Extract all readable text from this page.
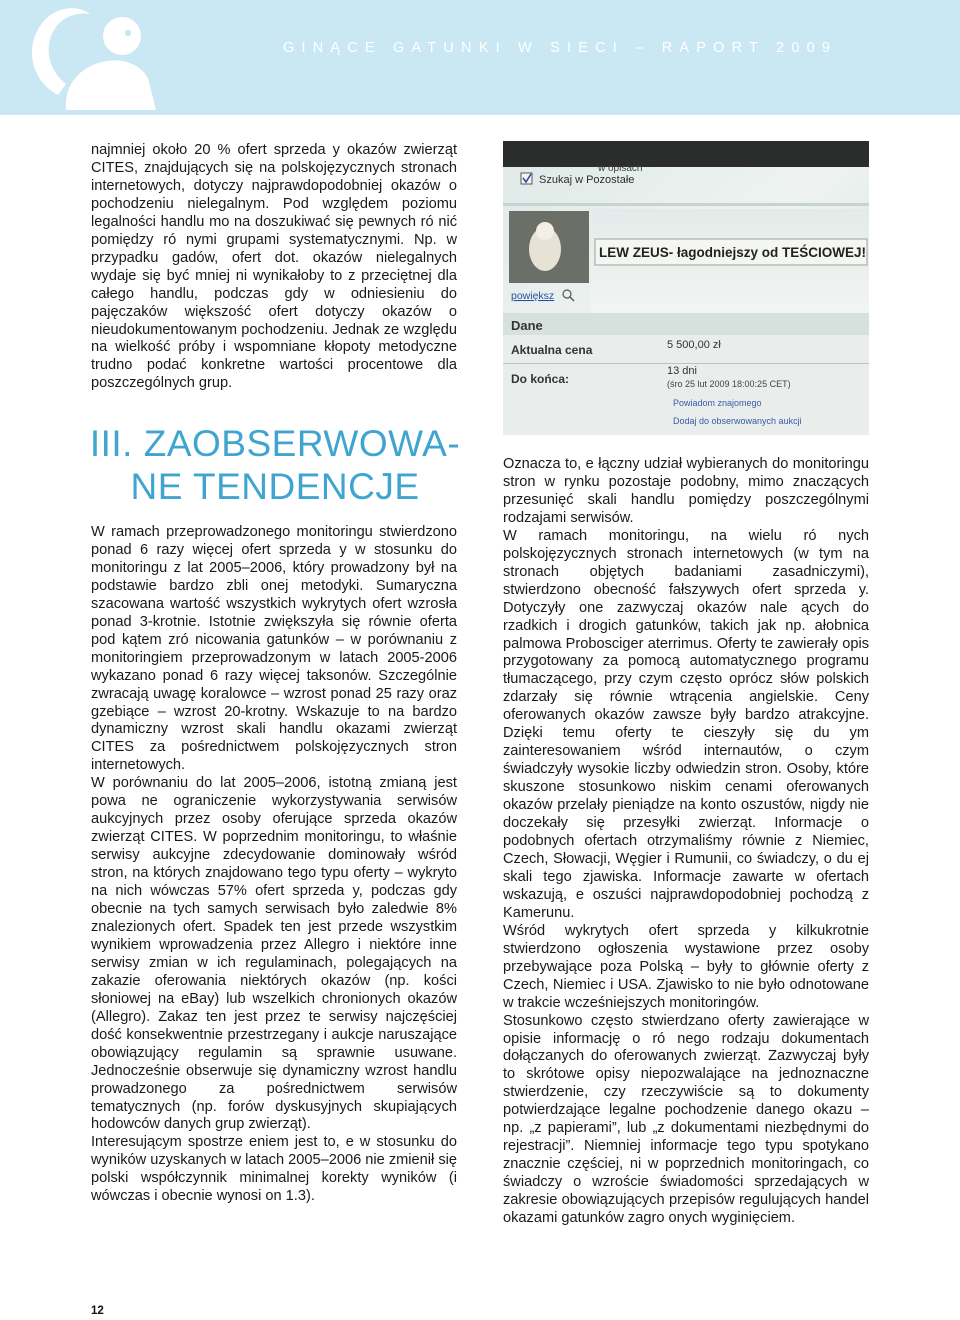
GINĄCE GATUNKI W SIECI – RAPORT 2009

najmniej około 20 % ofert sprzeda y okazów zwierząt CITES, znajdujących się na polskojęzycznych stronach internetowych, dotyczy najprawdopodobniej okazów o pochodzeniu nielegalnym. Pod względem poziomu legalności handlu mo na doszukiwać się pewnych ró nić pomiędzy ró nymi grupami systematycznymi. Np. w przypadku gadów, ofert dot. okazów nielegalnych wydaje się być mniej ni wynikałoby to z przeciętnej dla całego handlu, podczas gdy w odniesieniu do pajęczaków większość ofert dotyczy okazów o nieudokumentowanym pochodzeniu. Jednak ze względu na wielkość próby i wspomniane kłopoty metodyczne trudno podać konkretne wartości procentowe dla poszczególnych grup.

III. ZAOBSERWOWA-
NE TENDENCJE

W ramach przeprowadzonego monitoringu stwierdzono ponad 6 razy więcej ofert sprzeda y w stosunku do monitoringu z lat 2005–2006, który prowadzony był na podstawie bardzo zbli onej metodyki. Sumaryczna szacowana wartość wszystkich wykrytych ofert wzrosła ponad 3-krotnie. Istotnie zwiększyła się równie oferta pod kątem zró nicowania gatunków – w porównaniu z monitoringiem przeprowadzonym w latach 2005-2006 wykazano ponad 6 razy więcej taksonów. Szczególnie zwracają uwagę koralowce – wzrost ponad 25 razy oraz gzebiące – wzrost 20-krotny. Wskazuje to na bardzo dynamiczny wzrost skali handlu okazami zwierząt CITES za pośrednictwem polskojęzycznych stron internetowych.

W porównaniu do lat 2005–2006, istotną zmianą jest powa ne ograniczenie wykorzystywania serwisów aukcyjnych przez osoby oferujące sprzeda okazów zwierząt CITES. W poprzednim monitoringu, to właśnie serwisy aukcyjne zdecydowanie dominowały wśród stron, na których znajdowano tego typu oferty – wykryto na nich wówczas 57% ofert sprzeda y, podczas gdy obecnie na tych samych serwisach było zaledwie 8% znalezionych ofert. Spadek ten jest przede wszystkim wynikiem wprowadzenia przez Allegro i niektóre inne serwisy zmian w ich regulaminach, polegających na zakazie oferowania niektórych okazów (np. kości słoniowej na eBay) lub wszelkich chronionych okazów (Allegro). Zakaz ten jest przez te serwisy najczęściej dość konsekwentnie przestrzegany i aukcje naruszające obowiązujący regulamin są sprawnie usuwane. Jednocześnie obserwuje się dynamiczny wzrost handlu prowadzonego za pośrednictwem serwisów tematycznych (np. forów dyskusyjnych skupiających hodowców danych grup zwierząt).

Interesującym spostrze eniem jest to, e w stosunku do wyników uzyskanych w latach 2005–2006 nie zmienił się polski współczynnik minimalnej korekty wyników (i wówczas i obecnie wynosi on 1.3).

w opisach
Szukaj w Pozostałe
LEW ZEUS- łagodniejszy od TEŚCIOWEJ!
powiększ
Dane
Aktualna cena	5 500,00 zł
Do końca:
13 dni
(śro 25 lut 2009 18:00:25 CET)
Powiadom znajomego
Dodaj do obserwowanych aukcji

Oznacza to, e łączny udział wybieranych do monitoringu stron w rynku pozostaje podobny, mimo znaczących przesunięć skali handlu pomiędzy poszczególnymi rodzajami serwisów.

W ramach monitoringu, na wielu ró nych polskojęzycznych stronach internetowych (w tym na stronach objętych badaniami zasadniczymi), stwierdzono obecność fałszywych ofert sprzeda y. Dotyczyły one zazwyczaj okazów nale ących do rzadkich i drogich gatunków, takich jak np. ałobnica palmowa Probosciger aterrimus. Oferty te zawierały opis przygotowany za pomocą automatycznego programu tłumaczącego, przy czym często oprócz słów polskich zdarzały się równie wtrącenia angielskie. Ceny oferowanych okazów zawsze były bardzo atrakcyjne. Dzięki temu oferty te cieszyły się du ym zainteresowaniem wśród internautów, o czym świadczyły wysokie liczby odwiedzin stron. Osoby, które skuszone stosunkowo niskim cenami oferowanych okazów przelały pieniądze na konto oszustów, nigdy nie doczekały się przesyłki zwierząt. Informacje o podobnych ofertach otrzymaliśmy równie z Niemiec, Czech, Słowacji, Węgier i Rumunii, co świadczy, o du ej skali tego zjawiska. Informacje zawarte w ofertach wskazują, e oszuści najprawdopodobniej pochodzą z Kamerunu.

Wśród wykrytych ofert sprzeda y kilkukrotnie stwierdzono ogłoszenia wystawione przez osoby przebywające poza Polską – były to głównie oferty z Czech, Niemiec i USA. Zjawisko to nie było odnotowane w trakcie wcześniejszych monitoringów.

Stosunkowo często stwierdzano oferty zawierające w opisie informację o ró nego rodzaju dokumentach dołączanych do oferowanych zwierząt. Zazwyczaj były to skrótowe opisy niepozwalające na jednoznaczne stwierdzenie, czy rzeczywiście są to dokumenty potwierdzające legalne pochodzenie danego okazu – np. „z papierami”, lub „z dokumentami niezbędnymi do rejestracji”. Niemniej informacje tego typu spotykano znacznie częściej, ni w poprzednich monitoringach, co świadczy o wzroście świadomości sprzedających w zakresie obowiązujących przepisów regulujących handel okazami gatunków zagro onych wyginięciem.

12
